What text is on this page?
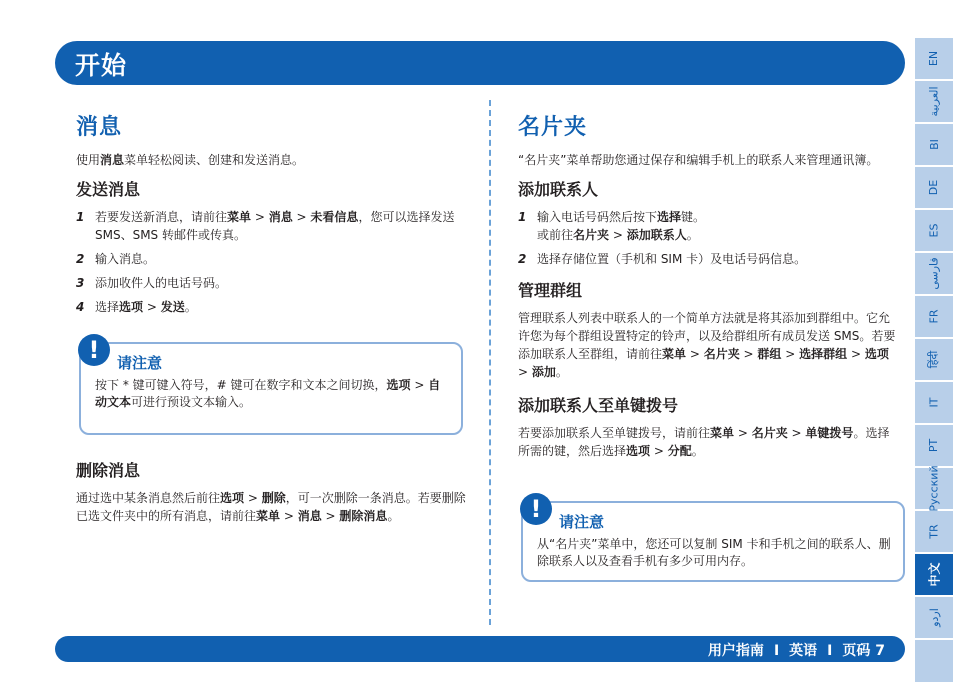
开始	EN
العربية
BI
DE
ES
فارسی
FR
हिंदी
IT
PT
Русский
TR
中文
اردو
消息

使用消息菜单轻松阅读、创建和发送消息。

发送消息
1 若要发送新消息，请前往菜单 > 消息 > 未看信息，您可以选择发送 SMS、SMS 转邮件或传真。
2 输入消息。
3 添加收件人的电话号码。
4 选择选项 > 发送。
!	请注意
按下 * 键可键入符号，# 键可在数字和文本之间切换，选项 > 自动文本可进行预设文本输入。
删除消息

通过选中某条消息然后前往选项 > 删除，可一次删除一条消息。若要删除已选文件夹中的所有消息，请前往菜单 > 消息 > 删除消息。

名片夹

“名片夹”菜单帮助您通过保存和编辑手机上的联系人来管理通讯簿。

添加联系人
1 输入电话号码然后按下选择键。
或前往名片夹 > 添加联系人。
2 选择存储位置（手机和 SIM 卡）及电话号码信息。
管理群组

管理联系人列表中联系人的一个简单方法就是将其添加到群组中。它允许您为每个群组设置特定的铃声，以及给群组所有成员发送 SMS。若要添加联系人至群组，请前往菜单 > 名片夹 > 群组 > 选择群组 > 选项 > 添加。

添加联系人至单键拨号

若要添加联系人至单键拨号，请前往菜单 > 名片夹 > 单键拨号。选择所需的键，然后选择选项 > 分配。

!	请注意
从“名片夹”菜单中，您还可以复制 SIM 卡和手机之间的联系人、删除联系人以及查看手机有多少可用内存。
用户指南 I 英语 I 页码 7
